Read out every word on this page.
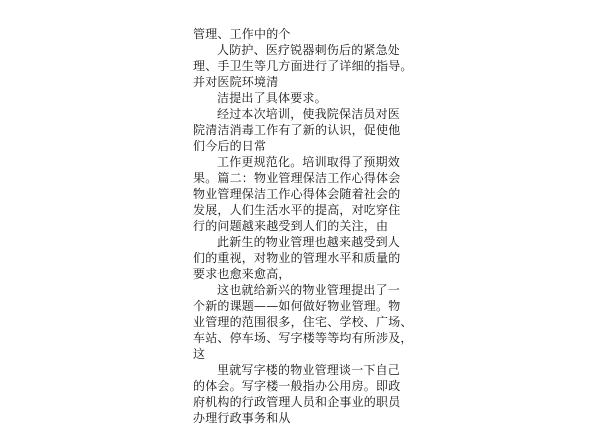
管理、工作中的个
人防护、医疗锐器刺伤后的紧急处
理、手卫生等几方面进行了详细的指导。
并对医院环境清
洁提出了具体要求。
经过本次培训，使我院保洁员对医
院清洁消毒工作有了新的认识，促使他
们今后的日常
工作更规范化。培训取得了预期效
果。篇二：物业管理保洁工作心得体会
物业管理保洁工作心得体会随着社会的
发展，人们生活水平的提高，对吃穿住
行的问题越来越受到人们的关注，由
此新生的物业管理也越来越受到人
们的重视，对物业的管理水平和质量的
要求也愈来愈高，
这也就给新兴的物业管理提出了一
个新的课题——如何做好物业管理。物
业管理的范围很多，住宅、学校、广场、
车站、停车场、写字楼等等均有所涉及，
这
里就写字楼的物业管理谈一下自己
的体会。写字楼一般指办公用房。即政
府机构的行政管理人员和企事业的职员
办理行政事务和从
